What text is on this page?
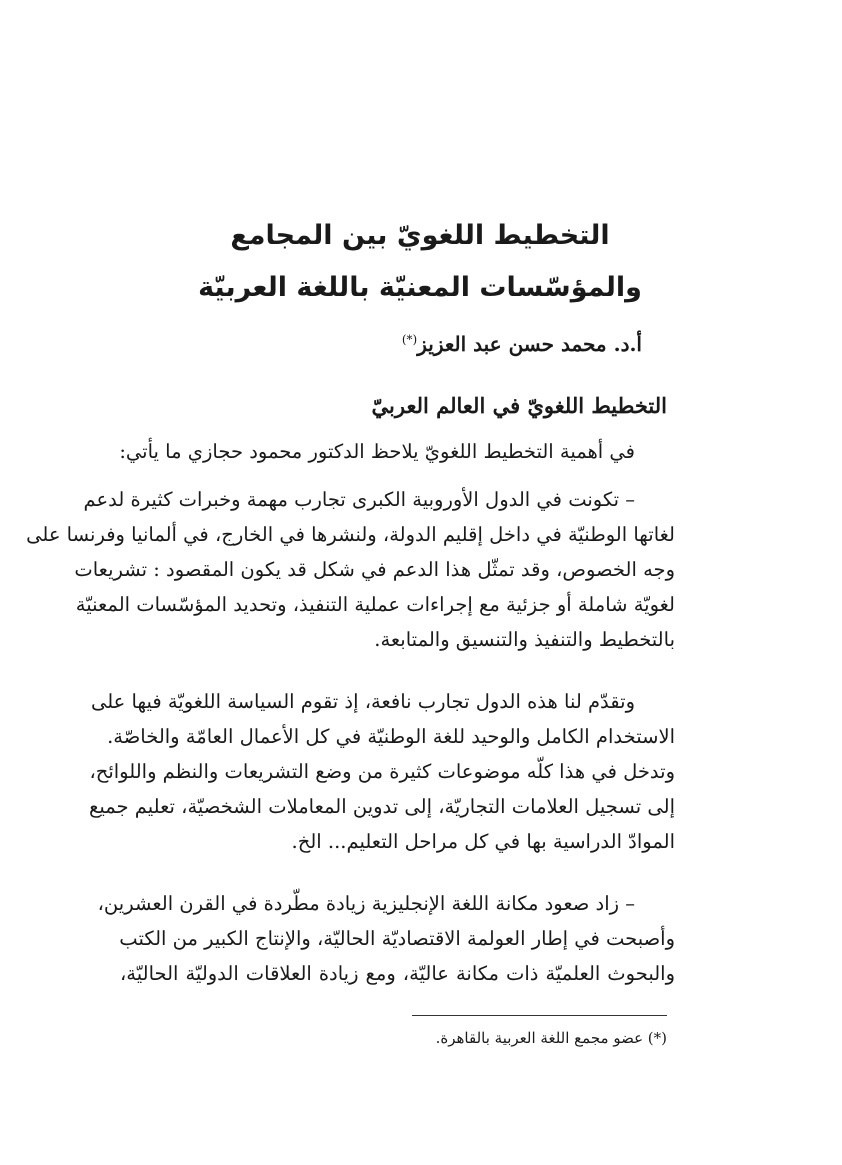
التخطيط اللغويّ بين المجامع
والمؤسّسات المعنيّة باللغة العربيّة

أ.د. محمد حسن عبد العزيز(*)

التخطيط اللغويّ في العالم العربيّ

في أهمية التخطيط اللغويّ يلاحظ الدكتور محمود حجازي ما يأتي:

– تكونت في الدول الأوروبية الكبرى تجارب مهمة وخبرات كثيرة لدعم
لغاتها الوطنيّة في داخل إقليم الدولة، ولنشرها في الخارج، في ألمانيا وفرنسا على
وجه الخصوص، وقد تمثّل هذا الدعم في شكل قد يكون المقصود : تشريعات
لغويّة شاملة أو جزئية مع إجراءات عملية التنفيذ، وتحديد المؤسّسات المعنيّة
بالتخطيط والتنفيذ والتنسيق والمتابعة.

وتقدّم لنا هذه الدول تجارب نافعة، إذ تقوم السياسة اللغويّة فيها على
الاستخدام الكامل والوحيد للغة الوطنيّة في كل الأعمال العامّة والخاصّة.
وتدخل في هذا كلّه موضوعات كثيرة من وضع التشريعات والنظم واللوائح،
إلى تسجيل العلامات التجاريّة، إلى تدوين المعاملات الشخصيّة، تعليم جميع
الموادّ الدراسية بها في كل مراحل التعليم... الخ.

– زاد صعود مكانة اللغة الإنجليزية زيادة مطّردة في القرن العشرين،
وأصبحت في إطار العولمة الاقتصاديّة الحاليّة، والإنتاج الكبير من الكتب
والبحوث العلميّة ذات مكانة عاليّة، ومع زيادة العلاقات الدوليّة الحاليّة،

(*) عضو مجمع اللغة العربية بالقاهرة.
